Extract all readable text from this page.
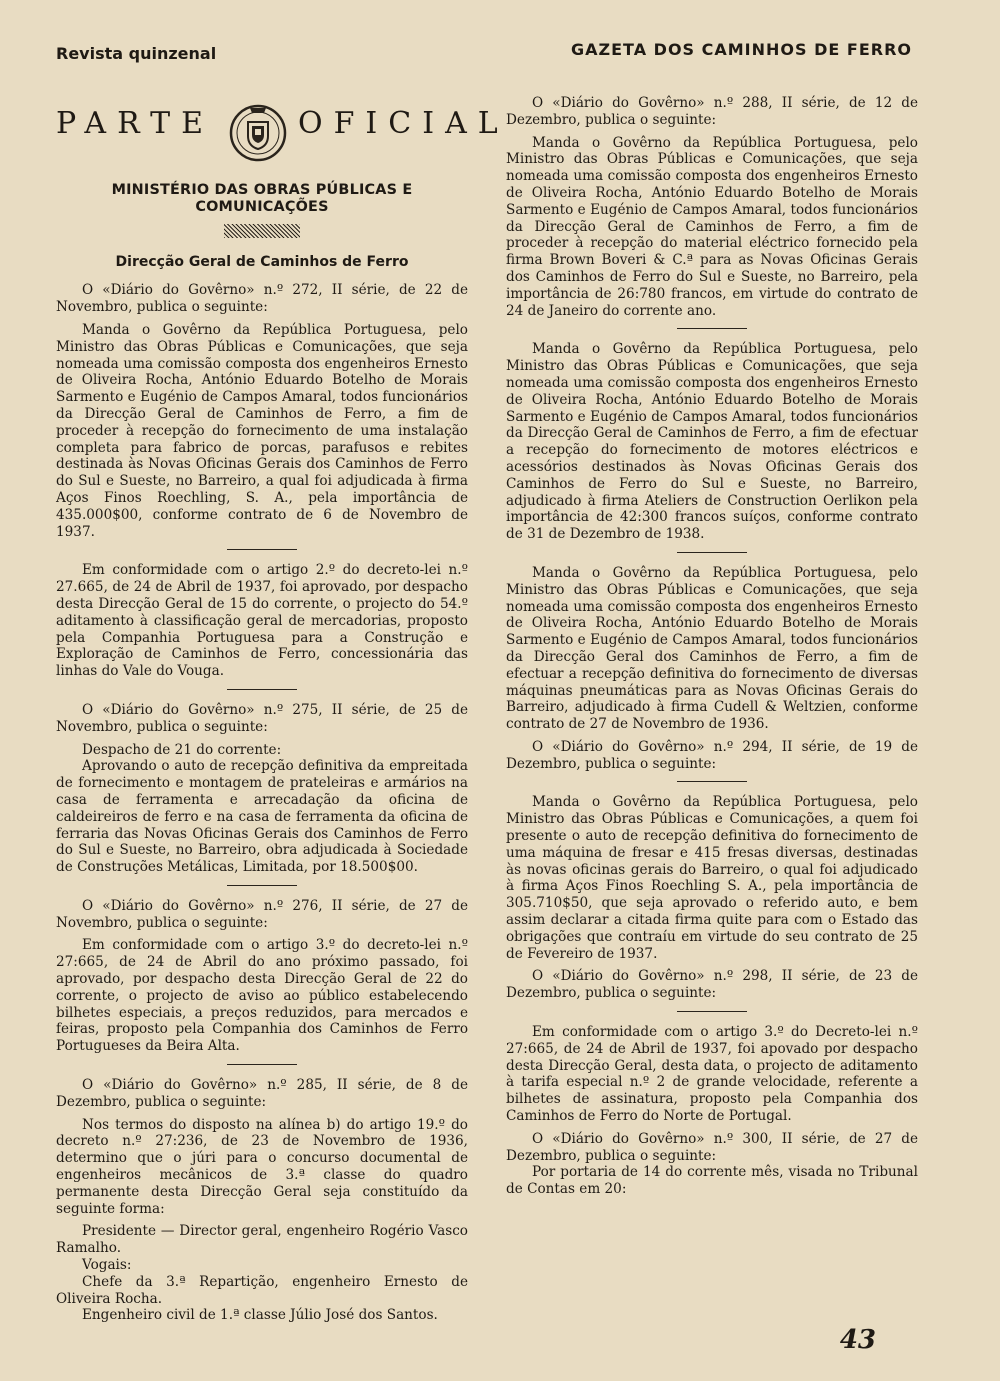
Revista quinzenal	GAZETA DOS CAMINHOS DE FERRO
PARTE	OFICIAL
MINISTÉRIO DAS OBRAS PÚBLICAS E COMUNICAÇÕES
Direcção Geral de Caminhos de Ferro

O «Diário do Govêrno» n.º 272, II série, de 22 de Novembro, publica o seguinte:

Manda o Govêrno da República Portuguesa, pelo Ministro das Obras Públicas e Comunicações, que seja nomeada uma comissão composta dos engenheiros Ernesto de Oliveira Rocha, António Eduardo Botelho de Morais Sarmento e Eugénio de Campos Amaral, todos funcionários da Direcção Geral de Caminhos de Ferro, a fim de proceder à recepção do fornecimento de uma instalação completa para fabrico de porcas, parafusos e rebites destinada às Novas Oficinas Gerais dos Caminhos de Ferro do Sul e Sueste, no Barreiro, a qual foi adjudicada à firma Aços Finos Roechling, S. A., pela importância de 435.000$00, conforme contrato de 6 de Novembro de 1937.

Em conformidade com o artigo 2.º do decreto-lei n.º 27.665, de 24 de Abril de 1937, foi aprovado, por despacho desta Direcção Geral de 15 do corrente, o projecto do 54.º aditamento à classificação geral de mercadorias, proposto pela Companhia Portuguesa para a Construção e Exploração de Caminhos de Ferro, concessionária das linhas do Vale do Vouga.

O «Diário do Govêrno» n.º 275, II série, de 25 de Novembro, publica o seguinte:

Despacho de 21 do corrente:

Aprovando o auto de recepção definitiva da empreitada de fornecimento e montagem de prateleiras e armários na casa de ferramenta e arrecadação da oficina de caldeireiros de ferro e na casa de ferramenta da oficina de ferraria das Novas Oficinas Gerais dos Caminhos de Ferro do Sul e Sueste, no Barreiro, obra adjudicada à Sociedade de Construções Metálicas, Limitada, por 18.500$00.

O «Diário do Govêrno» n.º 276, II série, de 27 de Novembro, publica o seguinte:

Em conformidade com o artigo 3.º do decreto-lei n.º 27:665, de 24 de Abril do ano próximo passado, foi aprovado, por despacho desta Direcção Geral de 22 do corrente, o projecto de aviso ao público estabelecendo bilhetes especiais, a preços reduzidos, para mercados e feiras, proposto pela Companhia dos Caminhos de Ferro Portugueses da Beira Alta.

O «Diário do Govêrno» n.º 285, II série, de 8 de Dezembro, publica o seguinte:

Nos termos do disposto na alínea b) do artigo 19.º do decreto n.º 27:236, de 23 de Novembro de 1936, determino que o júri para o concurso documental de engenheiros mecânicos de 3.ª classe do quadro permanente desta Direcção Geral seja constituído da seguinte forma:

Presidente — Director geral, engenheiro Rogério Vasco Ramalho.

Vogais:

Chefe da 3.ª Repartição, engenheiro Ernesto de Oliveira Rocha.

Engenheiro civil de 1.ª classe Júlio José dos Santos.

O «Diário do Govêrno» n.º 288, II série, de 12 de Dezembro, publica o seguinte:

Manda o Govêrno da República Portuguesa, pelo Ministro das Obras Públicas e Comunicações, que seja nomeada uma comissão composta dos engenheiros Ernesto de Oliveira Rocha, António Eduardo Botelho de Morais Sarmento e Eugénio de Campos Amaral, todos funcionários da Direcção Geral de Caminhos de Ferro, a fim de proceder à recepção do material eléctrico fornecido pela firma Brown Boveri & C.ª para as Novas Oficinas Gerais dos Caminhos de Ferro do Sul e Sueste, no Barreiro, pela importância de 26:780 francos, em virtude do contrato de 24 de Janeiro do corrente ano.

Manda o Govêrno da República Portuguesa, pelo Ministro das Obras Públicas e Comunicações, que seja nomeada uma comissão composta dos engenheiros Ernesto de Oliveira Rocha, António Eduardo Botelho de Morais Sarmento e Eugénio de Campos Amaral, todos funcionários da Direcção Geral de Caminhos de Ferro, a fim de efectuar a recepção do fornecimento de motores eléctricos e acessórios destinados às Novas Oficinas Gerais dos Caminhos de Ferro do Sul e Sueste, no Barreiro, adjudicado à firma Ateliers de Construction Oerlikon pela importância de 42:300 francos suíços, conforme contrato de 31 de Dezembro de 1938.

Manda o Govêrno da República Portuguesa, pelo Ministro das Obras Públicas e Comunicações, que seja nomeada uma comissão composta dos engenheiros Ernesto de Oliveira Rocha, António Eduardo Botelho de Morais Sarmento e Eugénio de Campos Amaral, todos funcionários da Direcção Geral dos Caminhos de Ferro, a fim de efectuar a recepção definitiva do fornecimento de diversas máquinas pneumáticas para as Novas Oficinas Gerais do Barreiro, adjudicado à firma Cudell & Weltzien, conforme contrato de 27 de Novembro de 1936.

O «Diário do Govêrno» n.º 294, II série, de 19 de Dezembro, publica o seguinte:

Manda o Govêrno da República Portuguesa, pelo Ministro das Obras Públicas e Comunicações, a quem foi presente o auto de recepção definitiva do fornecimento de uma máquina de fresar e 415 fresas diversas, destinadas às novas oficinas gerais do Barreiro, o qual foi adjudicado à firma Aços Finos Roechling S. A., pela importância de 305.710$50, que seja aprovado o referido auto, e bem assim declarar a citada firma quite para com o Estado das obrigações que contraíu em virtude do seu contrato de 25 de Fevereiro de 1937.

O «Diário do Govêrno» n.º 298, II série, de 23 de Dezembro, publica o seguinte:

Em conformidade com o artigo 3.º do Decreto-lei n.º 27:665, de 24 de Abril de 1937, foi apovado por despacho desta Direcção Geral, desta data, o projecto de aditamento à tarifa especial n.º 2 de grande velocidade, referente a bilhetes de assinatura, proposto pela Companhia dos Caminhos de Ferro do Norte de Portugal.

O «Diário do Govêrno» n.º 300, II série, de 27 de Dezembro, publica o seguinte:

Por portaria de 14 do corrente mês, visada no Tribunal de Contas em 20:

43
